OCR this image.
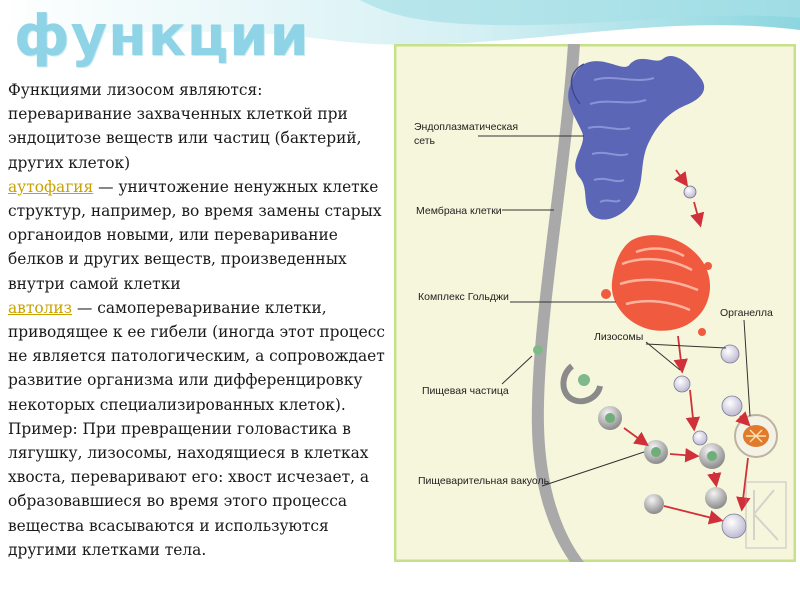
функции

Функциями лизосом являются: переваривание захваченных клеткой при эндоцитозе веществ или частиц (бактерий, других клеток)
аутофагия — уничтожение ненужных клетке структур, например, во время замены старых органоидов новыми, или переваривание белков и других веществ, произведенных внутри самой клетки
автолиз — самопереваривание клетки, приводящее к ее гибели (иногда этот процесс не является патологическим, а сопровождает развитие организма или дифференцировку некоторых специализированных клеток). Пример: При превращении головастика в лягушку, лизосомы, находящиеся в клетках хвоста, переваривают его: хвост исчезает, а образовавшиеся во время этого процесса вещества всасываются и используются другими клетками тела.

Эндоплазматическая
сеть
Мембрана клетки
Комплекс Гольджи
Органелла
Лизосомы
Пищевая частица
Пищеварительная вакуоль
